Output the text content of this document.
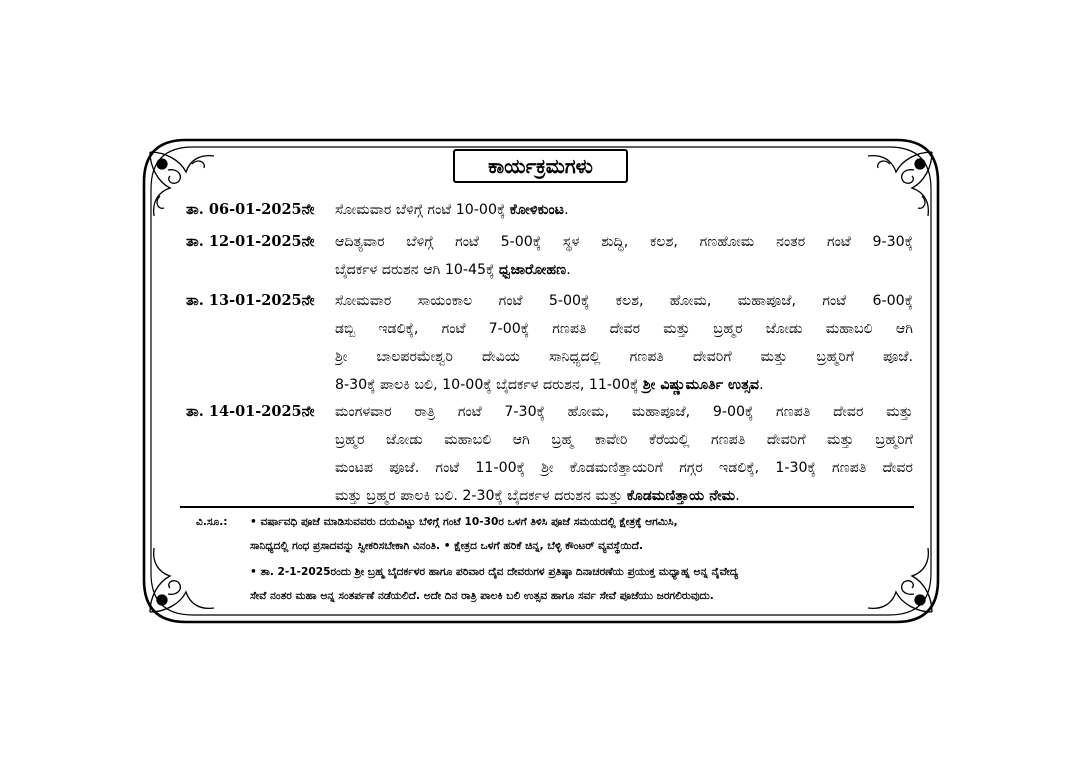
ಕಾರ್ಯಕ್ರಮಗಳು
ತಾ. 06-01-2025ನೇ ಸೋಮವಾರ ಬೆಳಿಗ್ಗೆ ಗಂಟೆ 10-00ಕ್ಕೆ ಕೋಳಿಕುಂಟ.
ತಾ. 12-01-2025ನೇ ಆದಿತ್ಯವಾರ ಬೆಳಿಗ್ಗೆ ಗಂಟೆ 5-00ಕ್ಕೆ ಸ್ಥಳ ಶುದ್ಧಿ, ಕಲಶ, ಗಣಹೋಮ ನಂತರ ಗಂಟೆ 9-30ಕ್ಕೆ
ಬೈದರ್ಕಳ ದರುಶನ ಆಗಿ 10-45ಕ್ಕೆ ಧ್ವಜಾರೋಹಣ.
ತಾ. 13-01-2025ನೇ ಸೋಮವಾರ ಸಾಯಂಕಾಲ ಗಂಟೆ 5-00ಕ್ಕೆ ಕಲಶ, ಹೋಮ, ಮಹಾಪೂಜೆ, ಗಂಟೆ 6-00ಕ್ಕೆ
ಡಬ್ಬಿ ಇಡಲಿಕ್ಕೆ, ಗಂಟೆ 7-00ಕ್ಕೆ ಗಣಪತಿ ದೇವರ ಮತ್ತು ಬ್ರಹ್ಮರ ಜೋಡು ಮಹಾಬಲಿ ಆಗಿ
ಶ್ರೀ ಬಾಲಪರಮೇಶ್ವರಿ ದೇವಿಯ ಸಾನಿಧ್ಯದಲ್ಲಿ ಗಣಪತಿ ದೇವರಿಗೆ ಮತ್ತು ಬ್ರಹ್ಮರಿಗೆ ಪೂಜೆ.
8-30ಕ್ಕೆ ಪಾಲಕಿ ಬಲಿ, 10-00ಕ್ಕೆ ಬೈದರ್ಕಳ ದರುಶನ, 11-00ಕ್ಕೆ ಶ್ರೀ ವಿಷ್ಣುಮೂರ್ತಿ ಉತ್ಸವ.
ತಾ. 14-01-2025ನೇ ಮಂಗಳವಾರ ರಾತ್ರಿ ಗಂಟೆ 7-30ಕ್ಕೆ ಹೋಮ, ಮಹಾಪೂಜೆ, 9-00ಕ್ಕೆ ಗಣಪತಿ ದೇವರ ಮತ್ತು
ಬ್ರಹ್ಮರ ಜೋಡು ಮಹಾಬಲಿ ಆಗಿ ಬ್ರಹ್ಮ ಕಾವೇರಿ ಕೆರೆಯಲ್ಲಿ ಗಣಪತಿ ದೇವರಿಗೆ ಮತ್ತು ಬ್ರಹ್ಮರಿಗೆ
ಮಂಟಪ ಪೂಜೆ. ಗಂಟೆ 11-00ಕ್ಕೆ ಶ್ರೀ ಕೊಡಮಣಿತ್ತಾಯರಿಗೆ ಗಗ್ಗರ ಇಡಲಿಕ್ಕೆ, 1-30ಕ್ಕೆ ಗಣಪತಿ ದೇವರ
ಮತ್ತು ಬ್ರಹ್ಮರ ಪಾಲಕಿ ಬಲಿ. 2-30ಕ್ಕೆ ಬೈದರ್ಕಳ ದರುಶನ ಮತ್ತು ಕೊಡಮಣಿತ್ತಾಯ ನೇಮ.
ವಿ.ಸೂ.: • ವರ್ಷಾವಧಿ ಪೂಜೆ ಮಾಡಿಸುವವರು ದಯವಿಟ್ಟು ಬೆಳಿಗ್ಗೆ ಗಂಟೆ 10-30ರ ಒಳಗೆ ತಿಳಿಸಿ ಪೂಜೆ ಸಮಯದಲ್ಲಿ ಕ್ಷೇತ್ರಕ್ಕೆ ಆಗಮಿಸಿ,
ಸಾನಿಧ್ಯದಲ್ಲಿ ಗಂಧ ಪ್ರಸಾದವನ್ನು ಸ್ವೀಕರಿಸಬೇಕಾಗಿ ವಿನಂತಿ. • ಕ್ಷೇತ್ರದ ಒಳಗೆ ಹರಿಕೆ ಚಿನ್ನ, ಬೆಳ್ಳಿ ಕೌಂಟರ್ ವ್ಯವಸ್ಥೆಯಿದೆ.
• ತಾ. 2-1-2025ರಂದು ಶ್ರೀ ಬ್ರಹ್ಮ ಬೈದರ್ಕಳರ ಹಾಗೂ ಪರಿವಾರ ದೈವ ದೇವರುಗಳ ಪ್ರತಿಷ್ಠಾ ದಿನಾಚರಣೆಯ ಪ್ರಯುಕ್ತ ಮಧ್ಯಾಹ್ನ ಅನ್ನ ನೈವೇದ್ಯ
ಸೇವೆ ನಂತರ ಮಹಾ ಅನ್ನ ಸಂತರ್ಪಣೆ ನಡೆಯಲಿದೆ. ಅದೇ ದಿನ ರಾತ್ರಿ ಪಾಲಕಿ ಬಲಿ ಉತ್ಸವ ಹಾಗೂ ಸರ್ವ ಸೇವೆ ಪೂಜೆಯು ಜರಗಲಿರುವುದು.
